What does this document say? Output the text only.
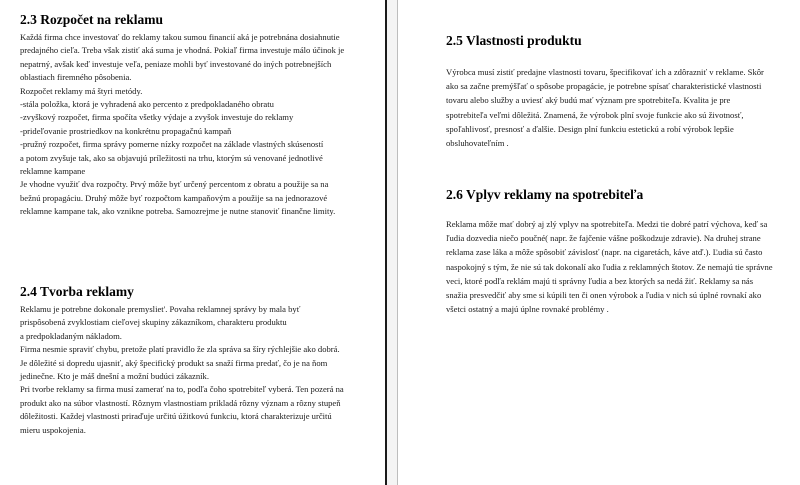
2.3 Rozpočet na reklamu
Každá firma chce investovať do reklamy takou sumou financií aká je potrebnána dosiahnutie
predajného cieľa. Treba však zistiť aká suma je vhodná. Pokiaľ firma investuje málo účinok je
nepatrný, avšak keď investuje veľa, peniaze mohli byť investované do iných potrebnejších
oblastiach firemného pôsobenia.
Rozpočet reklamy má štyri metódy.
-stála položka, ktorá je vyhradená ako percento z predpokladaného obratu
-zvyškový rozpočet, firma spočíta všetky výdaje a zvyšok investuje do reklamy
-prideľovanie prostriedkov na konkrétnu propagačnú kampaň
-pružný rozpočet, firma správy pomerne nízky rozpočet na základe vlastných skúseností
a potom zvyšuje tak, ako sa objavujú príležitosti na trhu, ktorým sú venované jednotlivé
reklamne kampane
Je vhodne využiť dva rozpočty. Prvý môže byť určený percentom z obratu a použije sa na
bežnú propagáciu. Druhý môže byť rozpočtom kampaňovým a použije sa na jednorazové
reklamne kampane tak, ako vznikne potreba. Samozrejme je nutne stanoviť finančne limity.
2.4 Tvorba reklamy
Reklamu je potrebne dokonale premysliet'. Povaha reklamnej správy by mala byť
prispôsobená zvyklostiam cieľovej skupiny zákazníkom, charakteru produktu
a predpokladaným nákladom.
Firma nesmie spraviť chybu, pretože platí pravidlo že zla správa sa šíry rýchlejšie ako dobrá.
Je dôležité si dopredu ujasniť, aký špecifický produkt sa snaží firma predať, čo je na ňom
jedinečne. Kto je máš dnešní a možní budúci zákazník.
Pri tvorbe reklamy sa firma musí zamerať na to, podľa čoho spotrebiteľ vyberá. Ten pozerá na
produkt ako na súbor vlastností. Rôznym vlastnostiam prikladá rôzny význam a rôzny stupeň
dôležitosti. Každej vlastnosti priraďuje určitú úžitkovú funkciu, ktorá charakterizuje určitú
mieru uspokojenia.
2.5 Vlastnosti produktu
Výrobca musí zistiť predajne vlastnosti tovaru, špecifikovať ich a zdôrazniť v reklame. Skôr
ako sa začne premýšľať o spôsobe propagácie, je potrebne spísať charakteristické vlastnosti
tovaru alebo služby a uviesť aký budú mať význam pre spotrebiteľa. Kvalita je pre
spotrebiteľa veľmi dôležitá. Znamená, že výrobok plní svoje funkcie ako sú životnosť,
spoľahlivosť, presnosť a ďalšie. Design plní funkciu estetickú a robí výrobok lepšie
obsluhovateľním .
2.6 Vplyv reklamy na spotrebiteľa
Reklama môže mať dobrý aj zlý vplyv na spotrebiteľa. Medzi tie dobré patrí výchova, keď sa
ľudia dozvedia niečo poučné( napr. že fajčenie vášne poškodzuje zdravie). Na druhej strane
reklama zase láka a môže spôsobiť závislosť (napr. na cigaretách, káve atď.). Ľudia sú často
naspokojný s tým, že nie sú tak dokonalí ako ľudia z reklamných štotov. Ze nemajú tie správne
veci, ktoré podľa reklám majú ti správny ľudia a bez ktorých sa nedá žiť. Reklamy sa nás
snažia presvedčiť aby sme si kúpili ten či onen výrobok a ľudia v nich sú úplné rovnakí ako
všetci ostatný a majú úplne rovnaké problémy .
